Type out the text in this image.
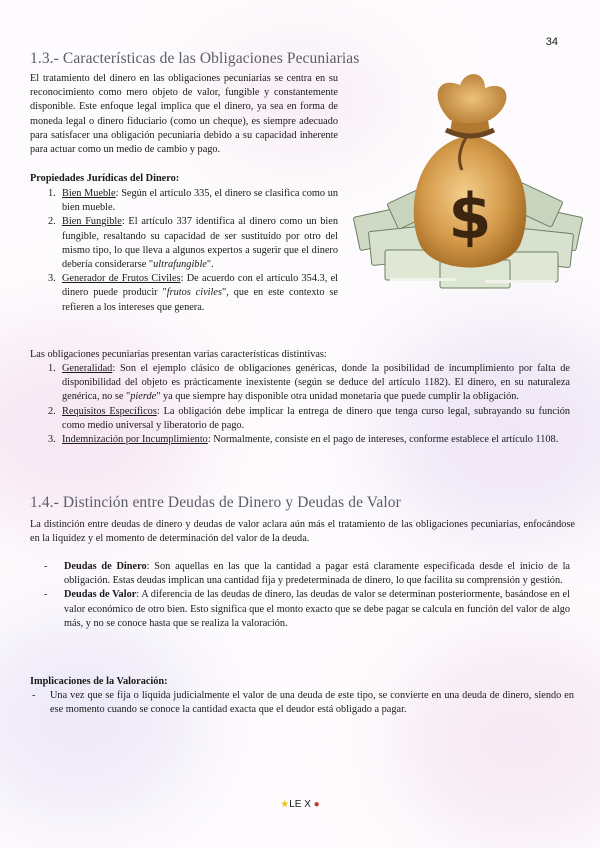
34
1.3.- Características de las Obligaciones Pecuniarias
El tratamiento del dinero en las obligaciones pecuniarias se centra en su reconocimiento como mero objeto de valor, fungible y constantemente disponible. Este enfoque legal implica que el dinero, ya sea en forma de moneda legal o dinero fiduciario (como un cheque), es siempre adecuado para satisfacer una obligación pecuniaria debido a su capacidad inherente para actuar como un medio de cambio y pago.
Propiedades Jurídicas del Dinero:
1. Bien Mueble: Según el artículo 335, el dinero se clasifica como un bien mueble.
2. Bien Fungible: El artículo 337 identifica al dinero como un bien fungible, resaltando su capacidad de ser sustituido por otro del mismo tipo, lo que lleva a algunos expertos a sugerir que el dinero debería considerarse "ultrafungible".
3. Generador de Frutos Civiles: De acuerdo con el artículo 354.3, el dinero puede producir "frutos civiles", que en este contexto se refieren a los intereses que genera.
$
Las obligaciones pecuniarias presentan varias características distintivas:
1. Generalidad: Son el ejemplo clásico de obligaciones genéricas, donde la posibilidad de incumplimiento por falta de disponibilidad del objeto es prácticamente inexistente (según se deduce del artículo 1182). El dinero, en su naturaleza genérica, no se "pierde" ya que siempre hay disponible otra unidad monetaria que puede cumplir la obligación.
2. Requisitos Específicos: La obligación debe implicar la entrega de dinero que tenga curso legal, subrayando su función como medio universal y liberatorio de pago.
3. Indemnización por Incumplimiento: Normalmente, consiste en el pago de intereses, conforme establece el artículo 1108.
1.4.- Distinción entre Deudas de Dinero y Deudas de Valor
La distinción entre deudas de dinero y deudas de valor aclara aún más el tratamiento de las obligaciones pecuniarias, enfocándose en la liquidez y el momento de determinación del valor de la deuda.
- Deudas de Dinero: Son aquellas en las que la cantidad a pagar está claramente especificada desde el inicio de la obligación. Estas deudas implican una cantidad fija y predeterminada de dinero, lo que facilita su comprensión y gestión.
- Deudas de Valor: A diferencia de las deudas de dinero, las deudas de valor se determinan posteriormente, basándose en el valor económico de otro bien. Esto significa que el monto exacto que se debe pagar se calcula en función del valor de algo más, y no se conoce hasta que se realiza la valoración.
Implicaciones de la Valoración:
- Una vez que se fija o liquida judicialmente el valor de una deuda de este tipo, se convierte en una deuda de dinero, siendo en ese momento cuando se conoce la cantidad exacta que el deudor está obligado a pagar.
★LE X ●
